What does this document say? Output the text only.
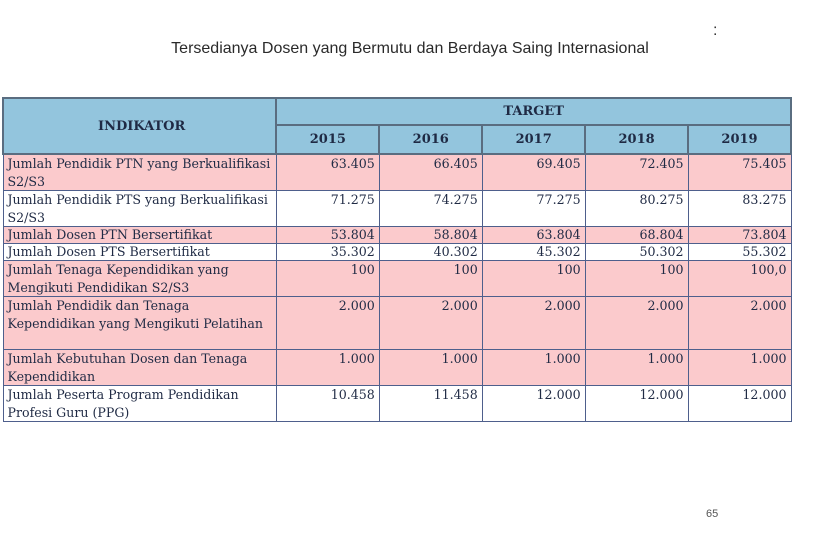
:
Tersedianya Dosen yang Bermutu dan Berdaya Saing Internasional
INDIKATOR	TARGET				
	2015	2016	2017	2018	2019
Jumlah Pendidik PTN yang Berkualifikasi S2/S3	63.405	66.405	69.405	72.405	75.405
Jumlah Pendidik PTS yang Berkualifikasi S2/S3	71.275	74.275	77.275	80.275	83.275
Jumlah Dosen PTN Bersertifikat	53.804	58.804	63.804	68.804	73.804
Jumlah Dosen PTS Bersertifikat	35.302	40.302	45.302	50.302	55.302
Jumlah Tenaga Kependidikan yang Mengikuti Pendidikan S2/S3	100	100	100	100	100,0
Jumlah Pendidik dan Tenaga Kependidikan yang Mengikuti Pelatihan	2.000	2.000	2.000	2.000	2.000
Jumlah Kebutuhan Dosen dan Tenaga Kependidikan	1.000	1.000	1.000	1.000	1.000
Jumlah Peserta Program Pendidikan Profesi Guru (PPG)	10.458	11.458	12.000	12.000	12.000
65
